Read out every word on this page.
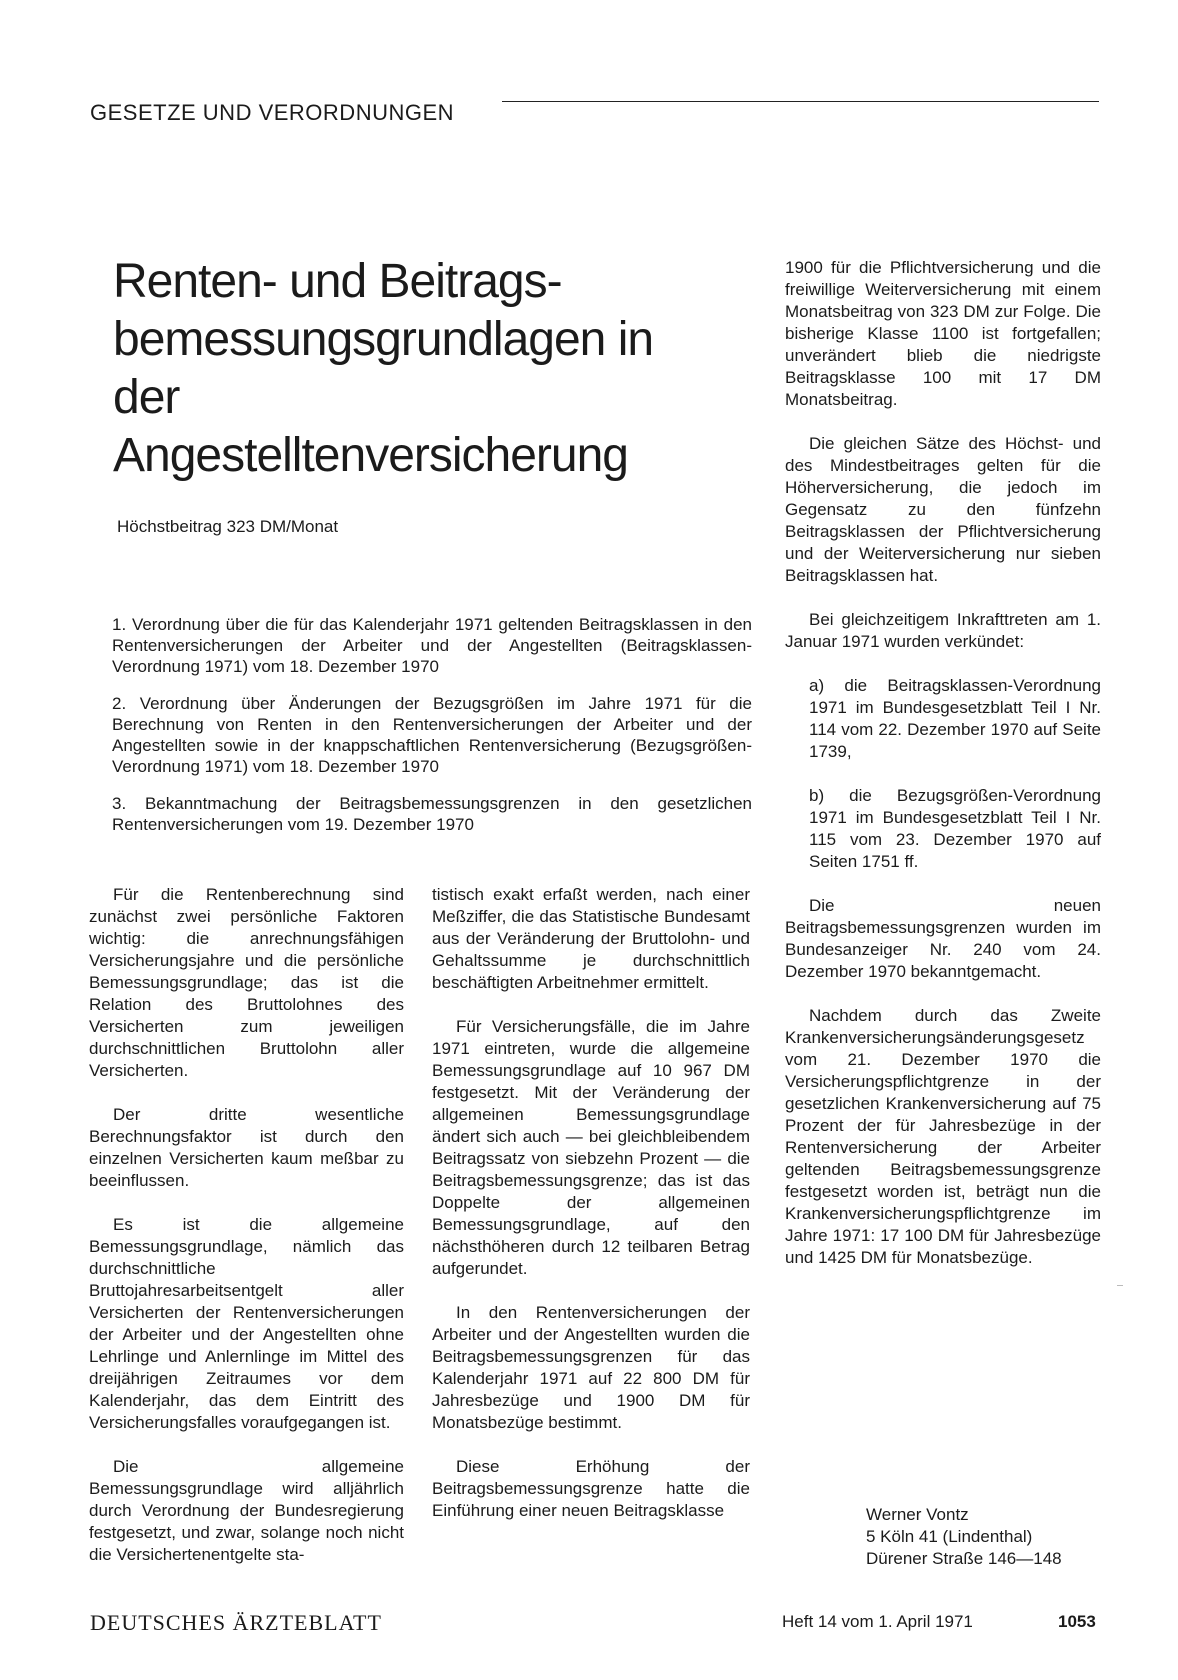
GESETZE UND VERORDNUNGEN
Renten- und Beitrags-bemessungsgrundlagen in der Angestelltenversicherung
Höchstbeitrag 323 DM/Monat

1. Verordnung über die für das Kalenderjahr 1971 geltenden Beitragsklassen in den Rentenversicherungen der Arbeiter und der Angestellten (Beitragsklassen-Verordnung 1971) vom 18. Dezember 1970

2. Verordnung über Änderungen der Bezugsgrößen im Jahre 1971 für die Berechnung von Renten in den Rentenversicherungen der Arbeiter und der Angestellten sowie in der knappschaftlichen Rentenversicherung (Bezugsgrößen-Verordnung 1971) vom 18. Dezember 1970

3. Bekanntmachung der Beitragsbemessungsgrenzen in den gesetzlichen Rentenversicherungen vom 19. Dezember 1970

Für die Rentenberechnung sind zunächst zwei persönliche Faktoren wichtig: die anrechnungsfähigen Versicherungsjahre und die persönliche Bemessungsgrundlage; das ist die Relation des Bruttolohnes des Versicherten zum jeweiligen durchschnittlichen Bruttolohn aller Versicherten.

Der dritte wesentliche Berechnungsfaktor ist durch den einzelnen Versicherten kaum meßbar zu beeinflussen.

Es ist die allgemeine Bemessungsgrundlage, nämlich das durchschnittliche Bruttojahresarbeitsentgelt aller Versicherten der Rentenversicherungen der Arbeiter und der Angestellten ohne Lehrlinge und Anlernlinge im Mittel des dreijährigen Zeitraumes vor dem Kalenderjahr, das dem Eintritt des Versicherungsfalles voraufgegangen ist.

Die allgemeine Bemessungsgrundlage wird alljährlich durch Verordnung der Bundesregierung festgesetzt, und zwar, solange noch nicht die Versichertenentgelte sta-

tistisch exakt erfaßt werden, nach einer Meßziffer, die das Statistische Bundesamt aus der Veränderung der Bruttolohn- und Gehaltssumme je durchschnittlich beschäftigten Arbeitnehmer ermittelt.

Für Versicherungsfälle, die im Jahre 1971 eintreten, wurde die allgemeine Bemessungsgrundlage auf 10 967 DM festgesetzt. Mit der Veränderung der allgemeinen Bemessungsgrundlage ändert sich auch — bei gleichbleibendem Beitragssatz von siebzehn Prozent — die Beitragsbemessungsgrenze; das ist das Doppelte der allgemeinen Bemessungsgrundlage, auf den nächsthöheren durch 12 teilbaren Betrag aufgerundet.

In den Rentenversicherungen der Arbeiter und der Angestellten wurden die Beitragsbemessungsgrenzen für das Kalenderjahr 1971 auf 22 800 DM für Jahresbezüge und 1900 DM für Monatsbezüge bestimmt.

Diese Erhöhung der Beitragsbemessungsgrenze hatte die Einführung einer neuen Beitragsklasse

1900 für die Pflichtversicherung und die freiwillige Weiterversicherung mit einem Monatsbeitrag von 323 DM zur Folge. Die bisherige Klasse 1100 ist fortgefallen; unverändert blieb die niedrigste Beitragsklasse 100 mit 17 DM Monatsbeitrag.

Die gleichen Sätze des Höchst- und des Mindestbeitrages gelten für die Höherversicherung, die jedoch im Gegensatz zu den fünfzehn Beitragsklassen der Pflichtversicherung und der Weiterversicherung nur sieben Beitragsklassen hat.

Bei gleichzeitigem Inkrafttreten am 1. Januar 1971 wurden verkündet:

a) die Beitragsklassen-Verordnung 1971 im Bundesgesetzblatt Teil I Nr. 114 vom 22. Dezember 1970 auf Seite 1739,

b) die Bezugsgrößen-Verordnung 1971 im Bundesgesetzblatt Teil I Nr. 115 vom 23. Dezember 1970 auf Seiten 1751 ff.

Die neuen Beitragsbemessungsgrenzen wurden im Bundesanzeiger Nr. 240 vom 24. Dezember 1970 bekanntgemacht.

Nachdem durch das Zweite Krankenversicherungsänderungsgesetz vom 21. Dezember 1970 die Versicherungspflichtgrenze in der gesetzlichen Krankenversicherung auf 75 Prozent der für Jahresbezüge in der Rentenversicherung der Arbeiter geltenden Beitragsbemessungsgrenze festgesetzt worden ist, beträgt nun die Krankenversicherungspflichtgrenze im Jahre 1971: 17 100 DM für Jahresbezüge und 1425 DM für Monatsbezüge.

Werner Vontz
5 Köln 41 (Lindenthal)
Dürener Straße 146—148
DEUTSCHES ÄRZTEBLATT	Heft 14 vom 1. April 1971	1053
